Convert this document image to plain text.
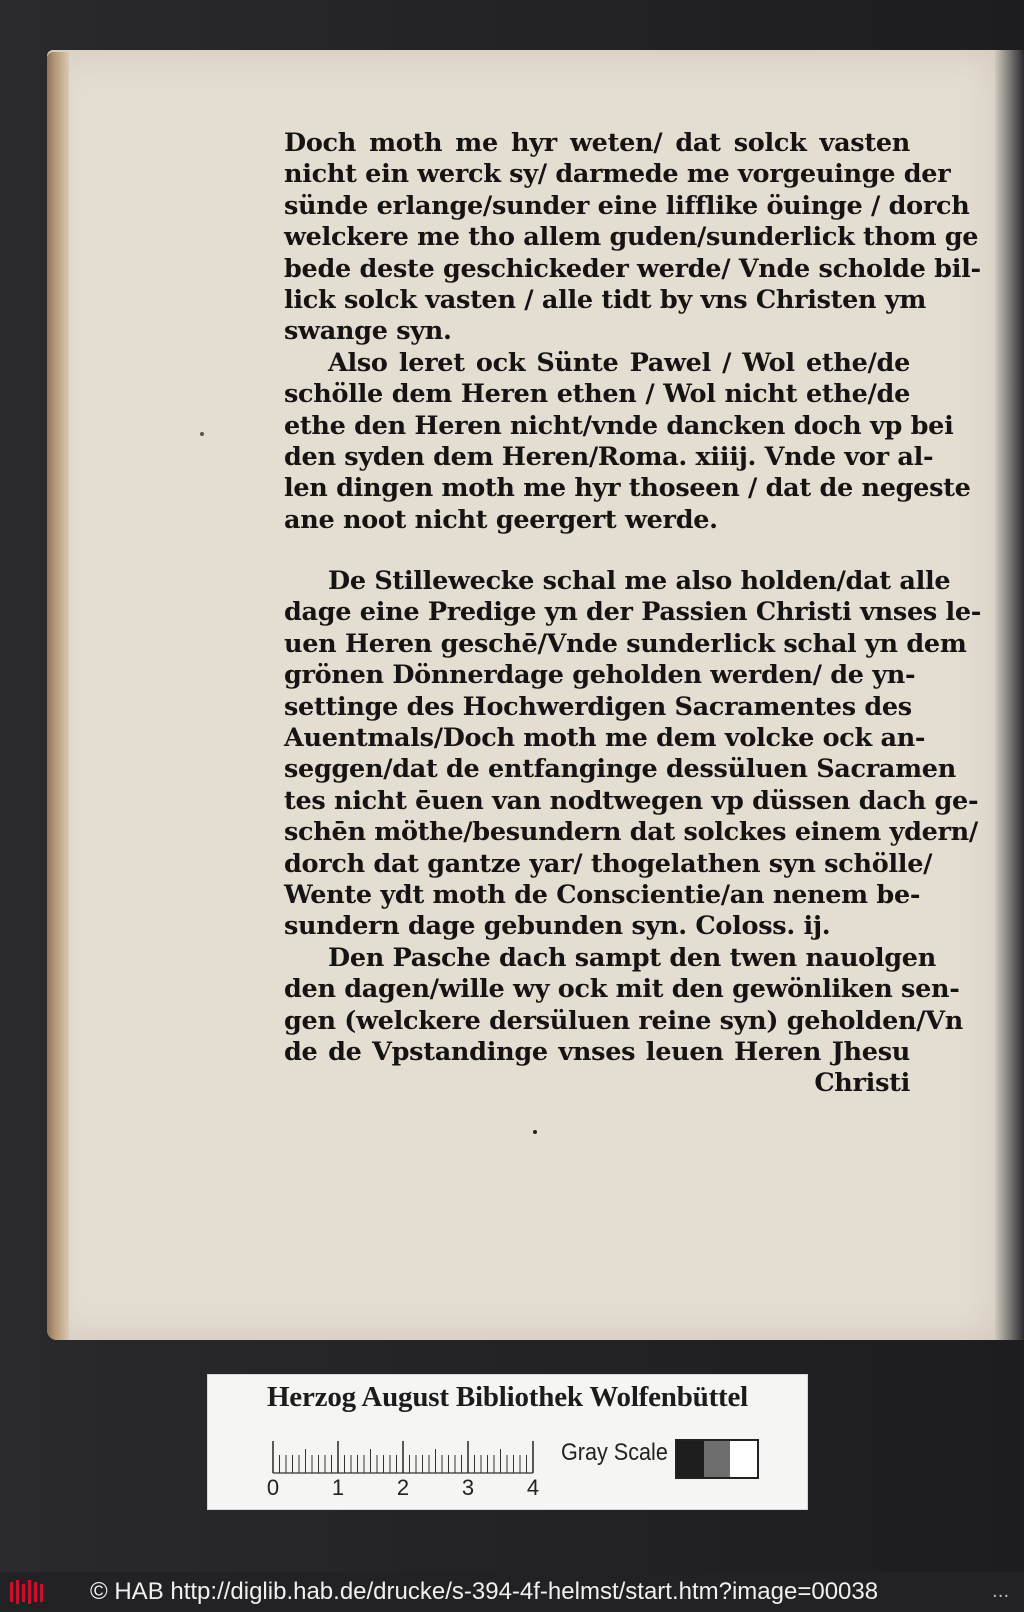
Doch moth me hyr weten/ dat solck vasten
nicht ein werck sy/ darmede me vorgeuinge der
sünde erlange/sunder eine lifflike öuinge / dorch
welckere me tho allem guden/sunderlick thom ge
bede deste geschickeder werde/ Vnde scholde bil-
lick solck vasten / alle tidt by vns Christen ym
swange syn.
Also leret ock Sünte Pawel / Wol ethe/de
schölle dem Heren ethen / Wol nicht ethe/de
ethe den Heren nicht/vnde dancken doch vp bei
den syden dem Heren/Roma. xiiij. Vnde vor al-
len dingen moth me hyr thoseen / dat de negeste
ane noot nicht geergert werde.
De Stillewecke schal me also holden/dat alle
dage eine Predige yn der Passien Christi vnses le-
uen Heren geschē/Vnde sunderlick schal yn dem
grönen Dönnerdage geholden werden/ de yn-
settinge des Hochwerdigen Sacramentes des
Auentmals/Doch moth me dem volcke ock an-
seggen/dat de entfanginge dessüluen Sacramen
tes nicht ēuen van nodtwegen vp düssen dach ge-
schēn möthe/besundern dat solckes einem ydern/
dorch dat gantze yar/ thogelathen syn schölle/
Wente ydt moth de Conscientie/an nenem be-
sundern dage gebunden syn. Coloss. ij.
Den Pasche dach sampt den twen nauolgen
den dagen/wille wy ock mit den gewönliken sen-
gen (welckere dersüluen reine syn) geholden/Vn
de de Vpstandinge vnses leuen Heren Jhesu
Christi
Herzog August Bibliothek Wolfenbüttel
0 1 2 3 4
Gray Scale
© HAB http://diglib.hab.de/drucke/s-394-4f-helmst/start.htm?image=00038	...
